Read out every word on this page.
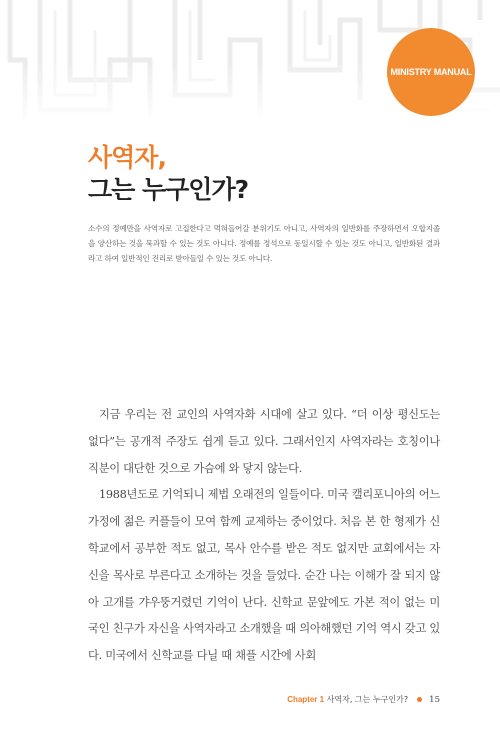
MINISTRY MANUAL
사역자,
그는 누구인가?

소수의 정예만을 사역자로 고집한다고 먹혀들어갈 분위기도 아니고, 사역자의 일반화를 주장하면서 오합지졸을 양산하는 것을 묵과할 수 있는 것도 아니다. 정예를 정석으로 동일시할 수 있는 것도 아니고, 일반화된 결과라고 하여 일반적인 진리로 받아들일 수 있는 것도 아니다.

지금 우리는 전 교인의 사역자화 시대에 살고 있다. “더 이상 평신도는 없다”는 공개적 주장도 쉽게 듣고 있다. 그래서인지 사역자라는 호칭이나 직분이 대단한 것으로 가슴에 와 닿지 않는다.

1988년도로 기억되니 제법 오래전의 일들이다. 미국 캘리포니아의 어느 가정에 젊은 커플들이 모여 함께 교제하는 중이었다. 처음 본 한 형제가 신학교에서 공부한 적도 없고, 목사 안수를 받은 적도 없지만 교회에서는 자신을 목사로 부른다고 소개하는 것을 들었다. 순간 나는 이해가 잘 되지 않아 고개를 갸우뚱거렸던 기억이 난다. 신학교 문앞에도 가본 적이 없는 미국인 친구가 자신을 사역자라고 소개했을 때 의아해했던 기억 역시 갖고 있다. 미국에서 신학교를 다닐 때 채플 시간에 사회

Chapter 1 사역자, 그는 누구인가? 15
